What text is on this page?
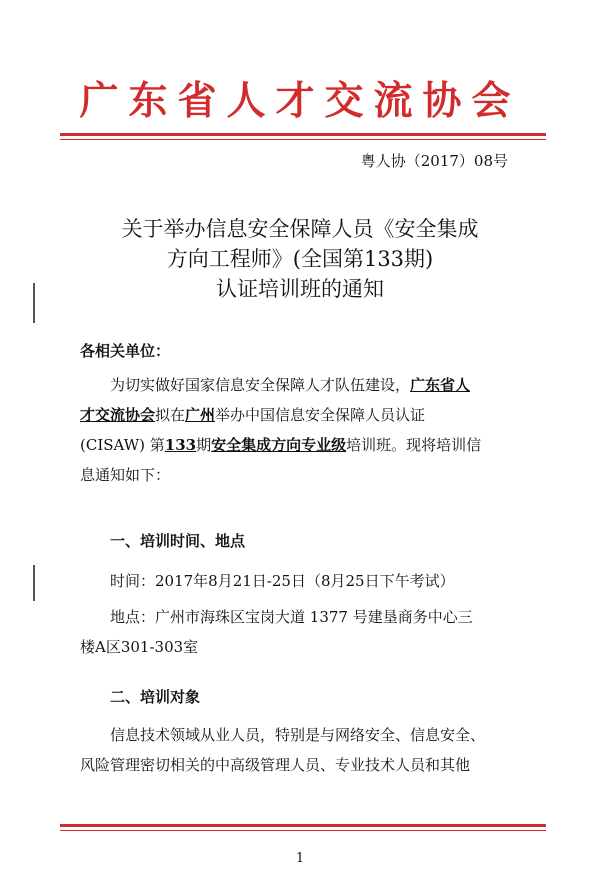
广东省人才交流协会
粤人协（2017）08号
关于举办信息安全保障人员《安全集成
方向工程师》(全国第133期)
认证培训班的通知
各相关单位：
为切实做好国家信息安全保障人才队伍建设，广东省人
才交流协会拟在广州举办中国信息安全保障人员认证
(CISAW) 第133期安全集成方向专业级培训班。现将培训信
息通知如下：
一、培训时间、地点
时间：2017年8月21日-25日（8月25日下午考试）
地点：广州市海珠区宝岗大道 1377 号建垦商务中心三
楼A区301-303室
二、培训对象
信息技术领域从业人员，特别是与网络安全、信息安全、
风险管理密切相关的中高级管理人员、专业技术人员和其他
1
